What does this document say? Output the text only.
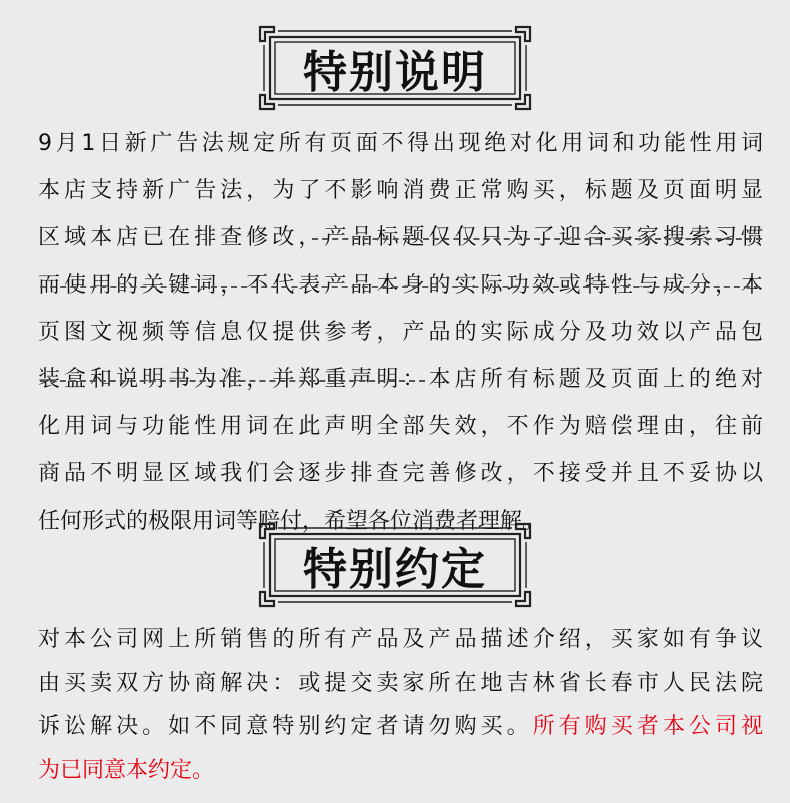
特别说明
9月1日新广告法规定所有页面不得出现绝对化用词和功能性用词
本店支持新广告法，为了不影响消费正常购买，标题及页面明显
区域本店已在排查修改，产品标题仅仅只为了迎合买家搜索习惯
而使用的关键词，不代表产品本身的实际功效或特性与成分，本
页图文视频等信息仅提供参考，产品的实际成分及功效以产品包
装盒和说明书为准，并郑重声明：本店所有标题及页面上的绝对
化用词与功能性用词在此声明全部失效，不作为赔偿理由，往前
商品不明显区域我们会逐步排查完善修改，不接受并且不妥协以
任何形式的极限用词等赔付，希望各位消费者理解。
特别约定
对本公司网上所销售的所有产品及产品描述介绍，买家如有争议
由买卖双方协商解决：或提交卖家所在地吉林省长春市人民法院
诉讼解决。如不同意特别约定者请勿购买。所有购买者本公司视
为已同意本约定。
